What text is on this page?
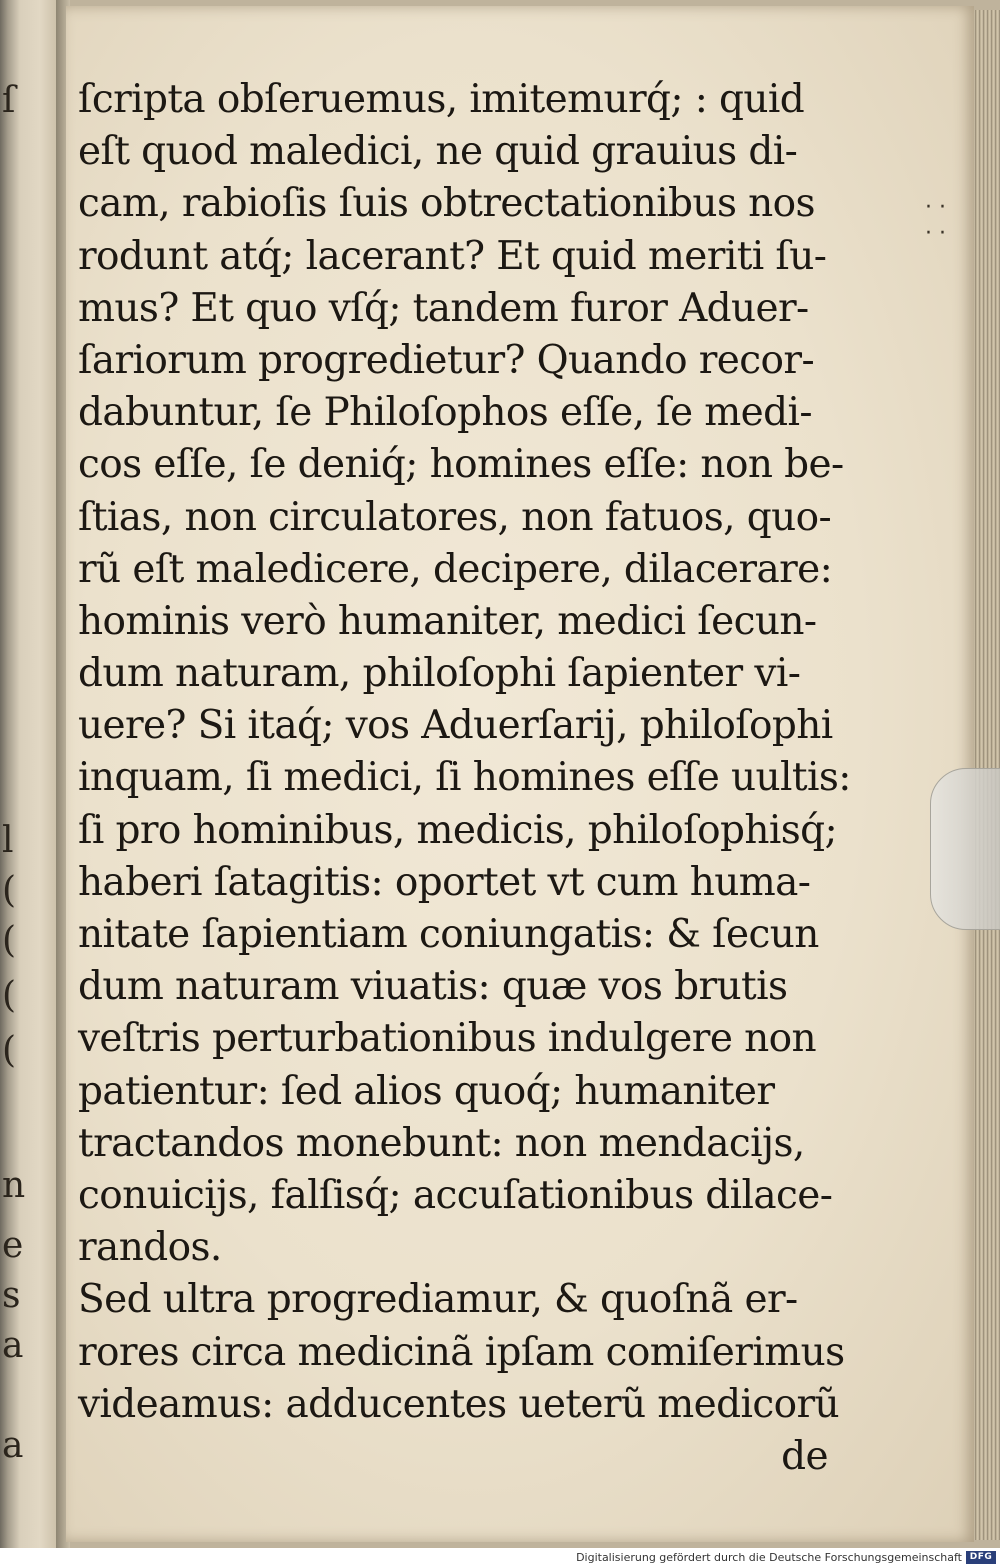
ſ
l
(
(
(
(
n
e
s
a
a
· ·
· ·
ſcripta obſeruemus, imitemurq́; : quid
eſt quod maledici, ne quid grauius di-
cam, rabioſis ſuis obtrectationibus nos
rodunt atq́; lacerant? Et quid meriti ſu-
mus? Et quo vſq́; tandem furor Aduer-
ſariorum progredietur? Quando recor-
dabuntur, ſe Philoſophos eſſe, ſe medi-
cos eſſe, ſe deniq́; homines eſſe: non be-
ſtias, non circulatores, non fatuos, quo-
rũ eſt maledicere, decipere, dilacerare:
hominis verò humaniter, medici ſecun-
dum naturam, philoſophi ſapienter vi-
uere? Si itaq́; vos Aduerſarij, philoſophi
inquam, ſi medici, ſi homines eſſe uultis:
ſi pro hominibus, medicis, philoſophisq́;
haberi ſatagitis: oportet vt cum huma-
nitate ſapientiam coniungatis: & ſecun
dum naturam viuatis: quæ vos brutis
veſtris perturbationibus indulgere non
patientur: ſed alios quoq́; humaniter
tractandos monebunt: non mendacijs,
conuicijs, falſisq́; accuſationibus dilace-
randos.
Sed ultra progrediamur, & quoſnã er-
rores circa medicinã ipſam comiſerimus
videamus: adducentes ueterũ medicorũ
de
Digitalisierung gefördert durch die Deutsche Forschungsgemeinschaft DFG
